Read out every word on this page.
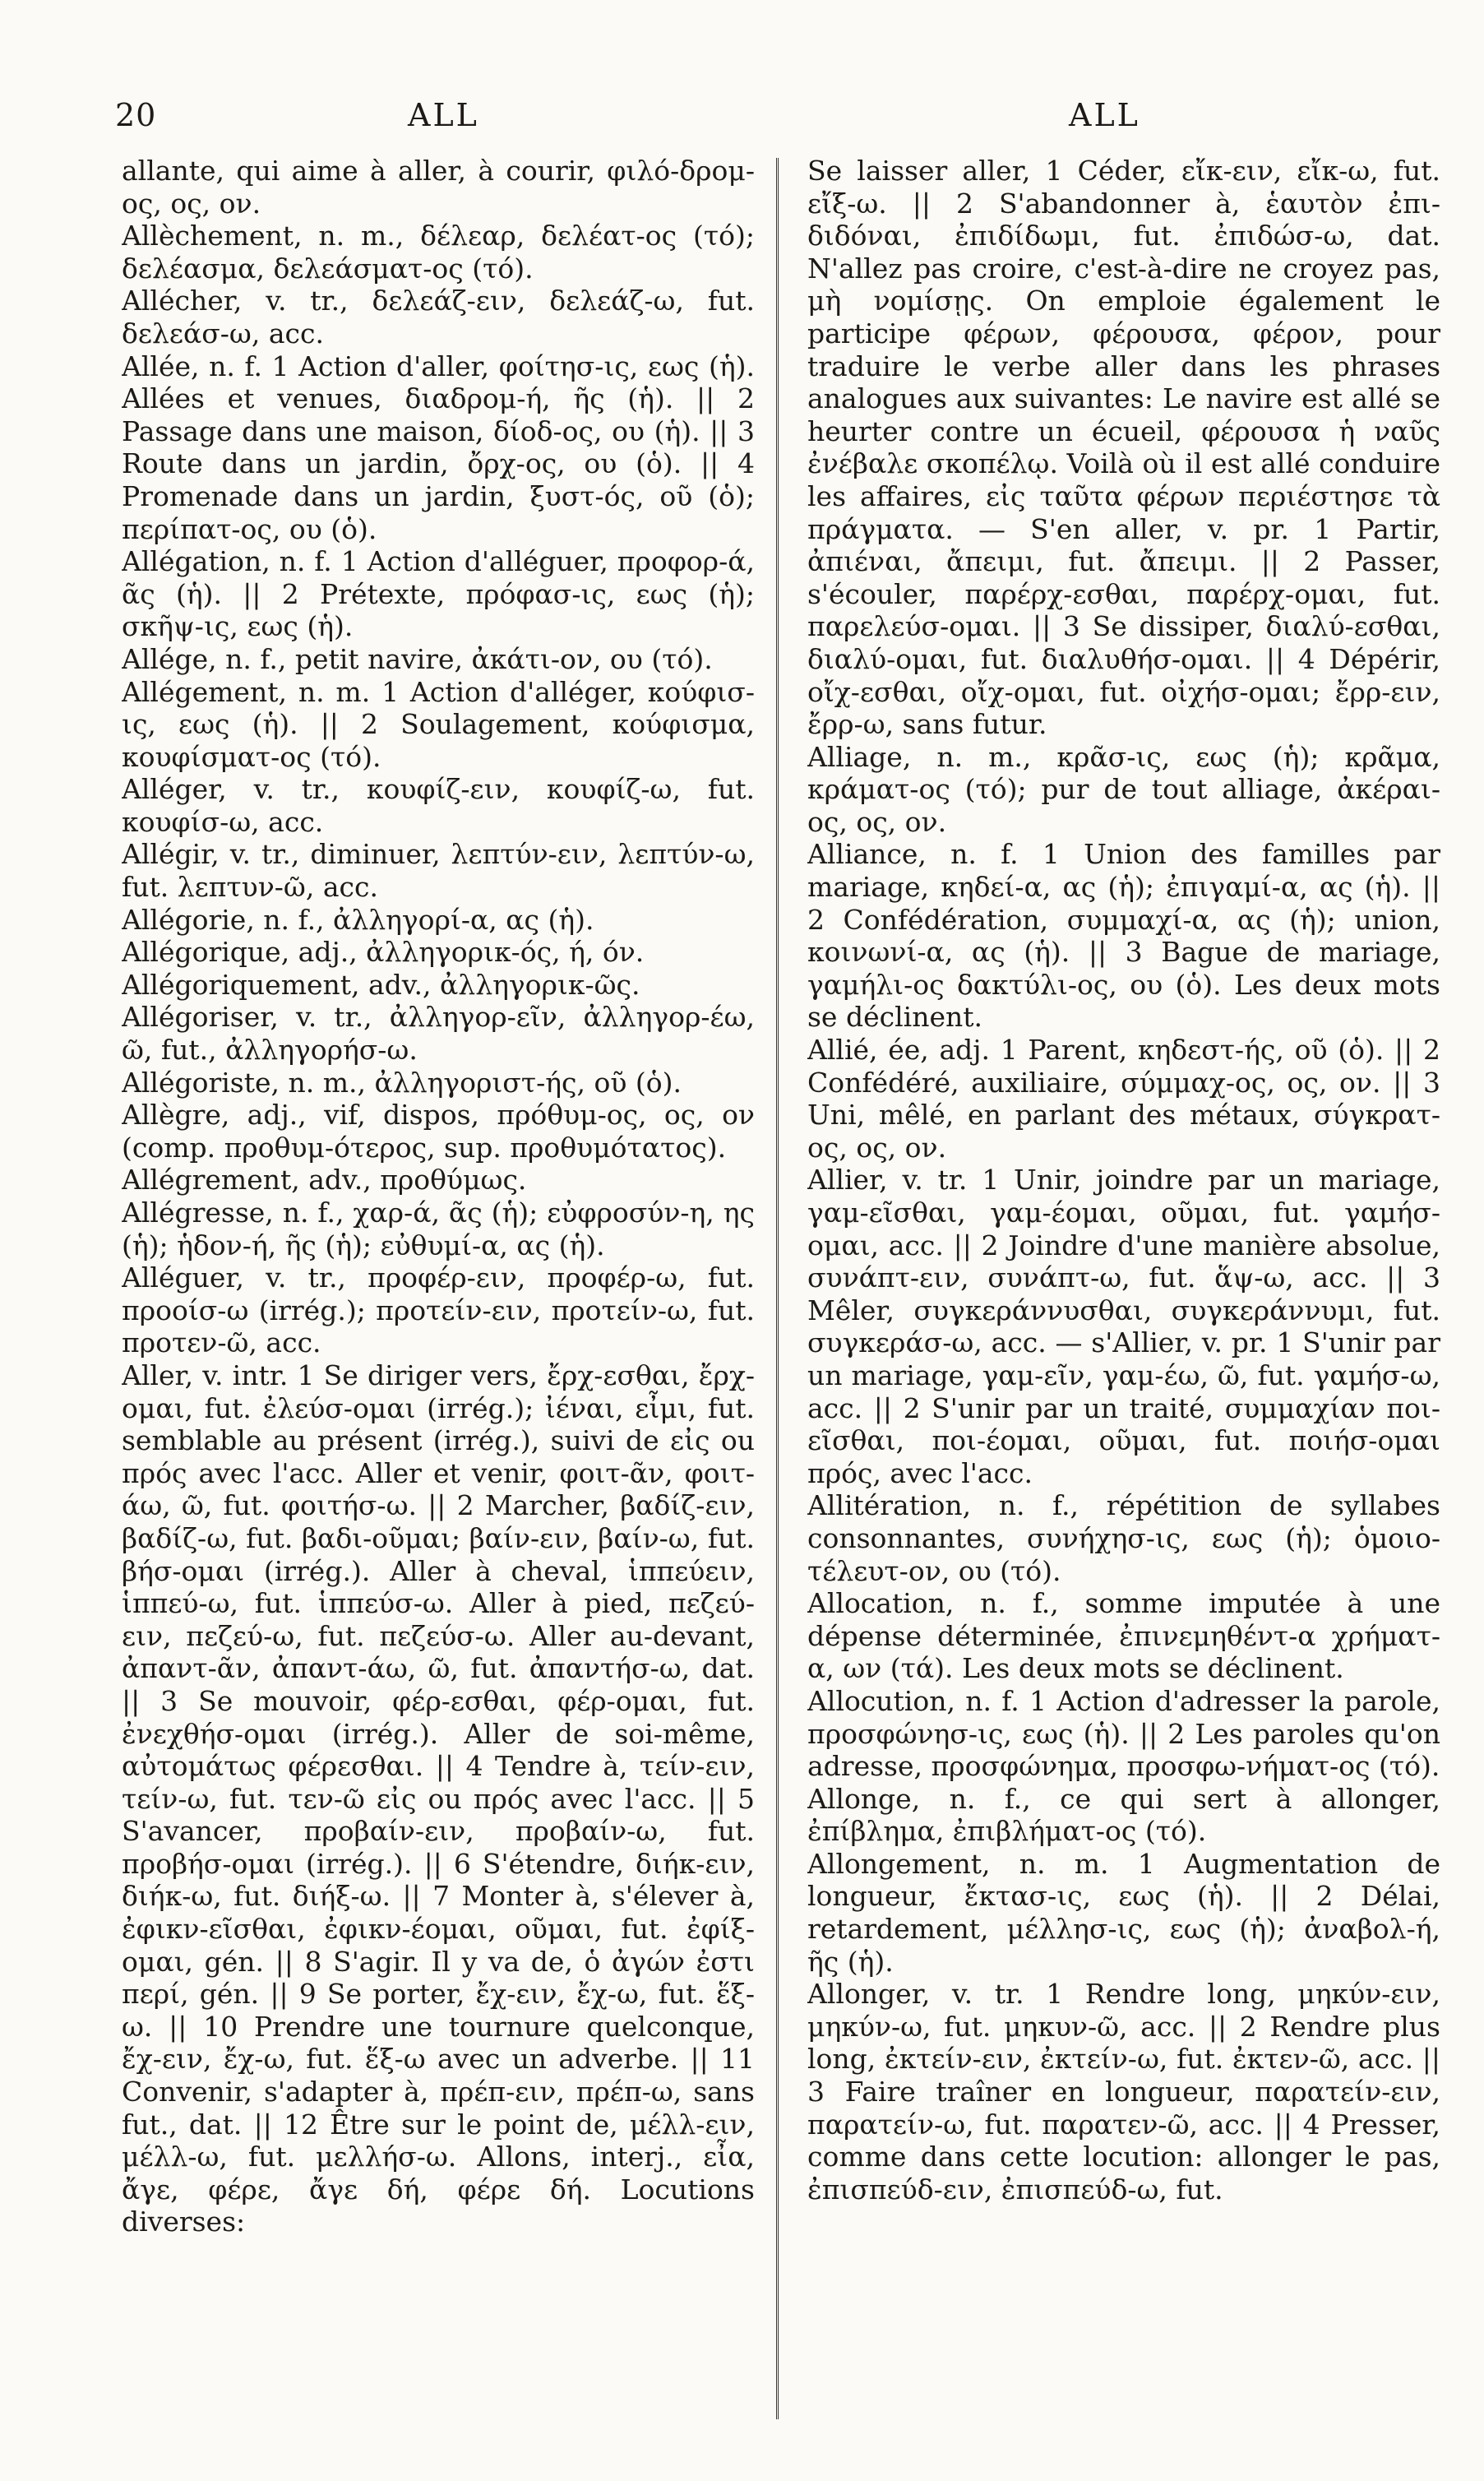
20	ALL	ALL

allante, qui aime à aller, à courir, φιλό-δρομ-ος, ος, ον.

Allèchement, n. m., δέλεαρ, δελέατ-ος (τό); δελέασμα, δελεάσματ-ος (τό).

Allécher, v. tr., δελεάζ-ειν, δελεάζ-ω, fut. δελεάσ-ω, acc.

Allée, n. f. 1 Action d'aller, φοίτησ-ις, εως (ἡ). Allées et venues, διαδρομ-ή, ῆς (ἡ). || 2 Passage dans une maison, δίοδ-ος, ου (ἡ). || 3 Route dans un jardin, ὄρχ-ος, ου (ὁ). || 4 Promenade dans un jardin, ξυστ-ός, οῦ (ὁ); περίπατ-ος, ου (ὁ).

Allégation, n. f. 1 Action d'alléguer, προφορ-ά, ᾶς (ἡ). || 2 Prétexte, πρόφασ-ις, εως (ἡ); σκῆψ-ις, εως (ἡ).

Allége, n. f., petit navire, ἀκάτι-ον, ου (τό).

Allégement, n. m. 1 Action d'alléger, κούφισ-ις, εως (ἡ). || 2 Soulagement, κούφισμα, κουφίσματ-ος (τό).

Alléger, v. tr., κουφίζ-ειν, κουφίζ-ω, fut. κουφίσ-ω, acc.

Allégir, v. tr., diminuer, λεπτύν-ειν, λεπτύν-ω, fut. λεπτυν-ῶ, acc.

Allégorie, n. f., ἀλληγορί-α, ας (ἡ).

Allégorique, adj., ἀλληγορικ-ός, ή, όν.

Allégoriquement, adv., ἀλληγορικ-ῶς.

Allégoriser, v. tr., ἀλληγορ-εῖν, ἀλληγορ-έω, ῶ, fut., ἀλληγορήσ-ω.

Allégoriste, n. m., ἀλληγοριστ-ής, οῦ (ὁ).

Allègre, adj., vif, dispos, πρόθυμ-ος, ος, ον (comp. προθυμ-ότερος, sup. προθυμότατος).

Allégrement, adv., προθύμως.

Allégresse, n. f., χαρ-ά, ᾶς (ἡ); εὐφροσύν-η, ης (ἡ); ἡδον-ή, ῆς (ἡ); εὐθυμί-α, ας (ἡ).

Alléguer, v. tr., προφέρ-ειν, προφέρ-ω, fut. προοίσ-ω (irrég.); προτείν-ειν, προτείν-ω, fut. προτεν-ῶ, acc.

Aller, v. intr. 1 Se diriger vers, ἔρχ-εσθαι, ἔρχ-ομαι, fut. ἐλεύσ-ομαι (irrég.); ἰέναι, εἶμι, fut. semblable au présent (irrég.), suivi de εἰς ou πρός avec l'acc. Aller et venir, φοιτ-ᾶν, φοιτ-άω, ῶ, fut. φοιτήσ-ω. || 2 Marcher, βαδίζ-ειν, βαδίζ-ω, fut. βαδι-οῦμαι; βαίν-ειν, βαίν-ω, fut. βήσ-ομαι (irrég.). Aller à cheval, ἱππεύειν, ἱππεύ-ω, fut. ἱππεύσ-ω. Aller à pied, πεζεύ-ειν, πεζεύ-ω, fut. πεζεύσ-ω. Aller au-devant, ἀπαντ-ᾶν, ἀπαντ-άω, ῶ, fut. ἀπαντήσ-ω, dat. || 3 Se mouvoir, φέρ-εσθαι, φέρ-ομαι, fut. ἐνεχθήσ-ομαι (irrég.). Aller de soi-même, αὐτομάτως φέρεσθαι. || 4 Tendre à, τείν-ειν, τείν-ω, fut. τεν-ῶ εἰς ou πρός avec l'acc. || 5 S'avancer, προβαίν-ειν, προβαίν-ω, fut. προβήσ-ομαι (irrég.). || 6 S'étendre, διήκ-ειν, διήκ-ω, fut. διήξ-ω. || 7 Monter à, s'élever à, ἐφικν-εῖσθαι, ἐφικν-έομαι, οῦμαι, fut. ἐφίξ-ομαι, gén. || 8 S'agir. Il y va de, ὁ ἀγών ἐστι περί, gén. || 9 Se porter, ἔχ-ειν, ἔχ-ω, fut. ἕξ-ω. || 10 Prendre une tournure quelconque, ἔχ-ειν, ἔχ-ω, fut. ἕξ-ω avec un adverbe. || 11 Convenir, s'adapter à, πρέπ-ειν, πρέπ-ω, sans fut., dat. || 12 Être sur le point de, μέλλ-ειν, μέλλ-ω, fut. μελλήσ-ω. Allons, interj., εἶα, ἄγε, φέρε, ἄγε δή, φέρε δή. Locutions diverses:

Se laisser aller, 1 Céder, εἴκ-ειν, εἴκ-ω, fut. εἴξ-ω. || 2 S'abandonner à, ἑαυτὸν ἐπι-διδόναι, ἐπιδίδωμι, fut. ἐπιδώσ-ω, dat. N'allez pas croire, c'est-à-dire ne croyez pas, μὴ νομίσῃς. On emploie également le participe φέρων, φέρουσα, φέρον, pour traduire le verbe aller dans les phrases analogues aux suivantes: Le navire est allé se heurter contre un écueil, φέρουσα ἡ ναῦς ἐνέβαλε σκοπέλῳ. Voilà où il est allé conduire les affaires, εἰς ταῦτα φέρων περιέστησε τὰ πράγματα. — S'en aller, v. pr. 1 Partir, ἀπιέναι, ἄπειμι, fut. ἄπειμι. || 2 Passer, s'écouler, παρέρχ-εσθαι, παρέρχ-ομαι, fut. παρελεύσ-ομαι. || 3 Se dissiper, διαλύ-εσθαι, διαλύ-ομαι, fut. διαλυθήσ-ομαι. || 4 Dépérir, οἴχ-εσθαι, οἴχ-ομαι, fut. οἰχήσ-ομαι; ἔρρ-ειν, ἔρρ-ω, sans futur.

Alliage, n. m., κρᾶσ-ις, εως (ἡ); κρᾶμα, κράματ-ος (τό); pur de tout alliage, ἀκέραι-ος, ος, ον.

Alliance, n. f. 1 Union des familles par mariage, κηδεί-α, ας (ἡ); ἐπιγαμί-α, ας (ἡ). || 2 Confédération, συμμαχί-α, ας (ἡ); union, κοινωνί-α, ας (ἡ). || 3 Bague de mariage, γαμήλι-ος δακτύλι-ος, ου (ὁ). Les deux mots se déclinent.

Allié, ée, adj. 1 Parent, κηδεστ-ής, οῦ (ὁ). || 2 Confédéré, auxiliaire, σύμμαχ-ος, ος, ον. || 3 Uni, mêlé, en parlant des métaux, σύγκρατ-ος, ος, ον.

Allier, v. tr. 1 Unir, joindre par un mariage, γαμ-εῖσθαι, γαμ-έομαι, οῦμαι, fut. γαμήσ-ομαι, acc. || 2 Joindre d'une manière absolue, συνάπτ-ειν, συνάπτ-ω, fut. ἅψ-ω, acc. || 3 Mêler, συγκεράννυσθαι, συγκεράννυμι, fut. συγκεράσ-ω, acc. — s'Allier, v. pr. 1 S'unir par un mariage, γαμ-εῖν, γαμ-έω, ῶ, fut. γαμήσ-ω, acc. || 2 S'unir par un traité, συμμαχίαν ποι-εῖσθαι, ποι-έομαι, οῦμαι, fut. ποιήσ-ομαι πρός, avec l'acc.

Allitération, n. f., répétition de syllabes consonnantes, συνήχησ-ις, εως (ἡ); ὁμοιο-τέλευτ-ον, ου (τό).

Allocation, n. f., somme imputée à une dépense déterminée, ἐπινεμηθέντ-α χρήματ-α, ων (τά). Les deux mots se déclinent.

Allocution, n. f. 1 Action d'adresser la parole, προσφώνησ-ις, εως (ἡ). || 2 Les paroles qu'on adresse, προσφώνημα, προσφω-νήματ-ος (τό).

Allonge, n. f., ce qui sert à allonger, ἐπίβλημα, ἐπιβλήματ-ος (τό).

Allongement, n. m. 1 Augmentation de longueur, ἔκτασ-ις, εως (ἡ). || 2 Délai, retardement, μέλλησ-ις, εως (ἡ); ἀναβολ-ή, ῆς (ἡ).

Allonger, v. tr. 1 Rendre long, μηκύν-ειν, μηκύν-ω, fut. μηκυν-ῶ, acc. || 2 Rendre plus long, ἐκτείν-ειν, ἐκτείν-ω, fut. ἐκτεν-ῶ, acc. || 3 Faire traîner en longueur, παρατείν-ειν, παρατείν-ω, fut. παρατεν-ῶ, acc. || 4 Presser, comme dans cette locution: allonger le pas, ἐπισπεύδ-ειν, ἐπισπεύδ-ω, fut.
